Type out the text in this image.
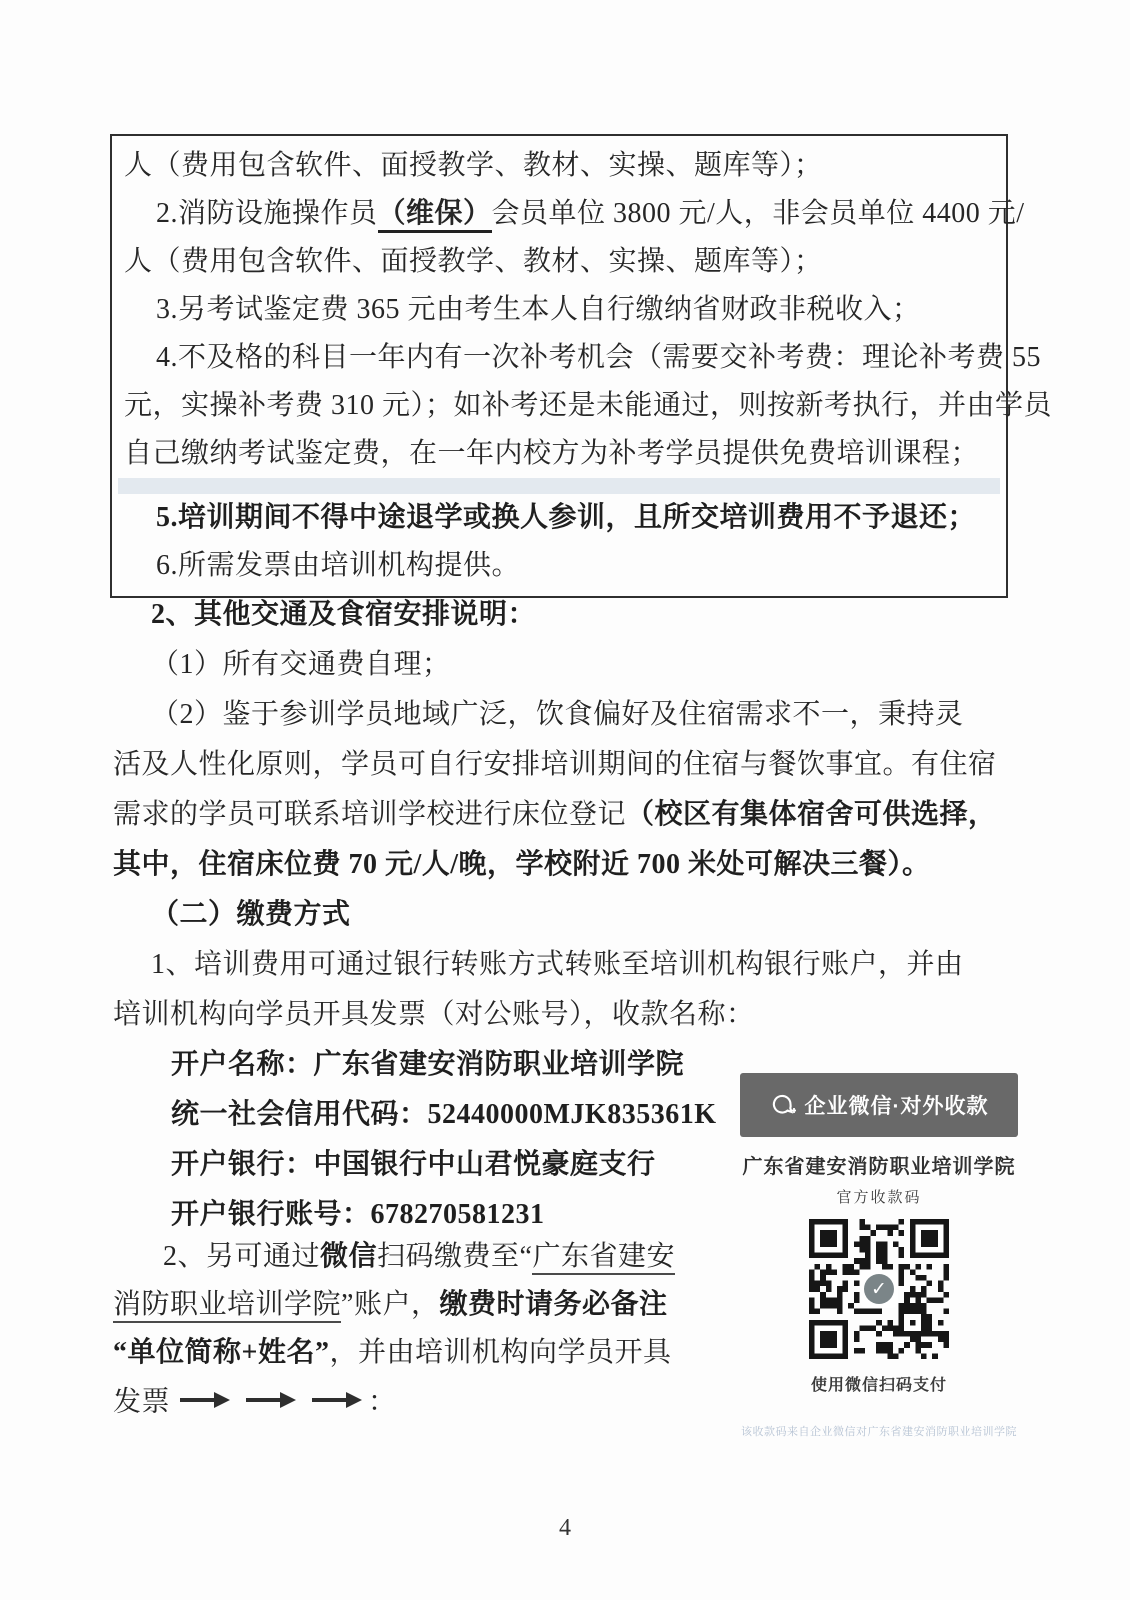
人（费用包含软件、面授教学、教材、实操、题库等）；
2.消防设施操作员（维保）会员单位 3800 元/人，非会员单位 4400 元/
人（费用包含软件、面授教学、教材、实操、题库等）；
3.另考试鉴定费 365 元由考生本人自行缴纳省财政非税收入；
4.不及格的科目一年内有一次补考机会（需要交补考费：理论补考费 55
元，实操补考费 310 元）；如补考还是未能通过，则按新考执行，并由学员
自己缴纳考试鉴定费，在一年内校方为补考学员提供免费培训课程；
5.培训期间不得中途退学或换人参训，且所交培训费用不予退还；
6.所需发票由培训机构提供。
2、其他交通及食宿安排说明：
（1）所有交通费自理；
（2）鉴于参训学员地域广泛，饮食偏好及住宿需求不一，秉持灵
活及人性化原则，学员可自行安排培训期间的住宿与餐饮事宜。有住宿
需求的学员可联系培训学校进行床位登记（校区有集体宿舍可供选择，
其中，住宿床位费 70 元/人/晚，学校附近 700 米处可解决三餐）。
（二）缴费方式
1、培训费用可通过银行转账方式转账至培训机构银行账户，并由
培训机构向学员开具发票（对公账号），收款名称：
开户名称：广东省建安消防职业培训学院
统一社会信用代码：52440000MJK835361K
开户银行：中国银行中山君悦豪庭支行
开户银行账号：678270581231
2、另可通过微信扫码缴费至“广东省建安
消防职业培训学院”账户，缴费时请务必备注
“单位简称+姓名”，并由培训机构向学员开具
发票	：
企业微信·对外收款
广东省建安消防职业培训学院
官方收款码
✓
使用微信扫码支付
该收款码来自企业微信对广东省建安消防职业培训学院
4
